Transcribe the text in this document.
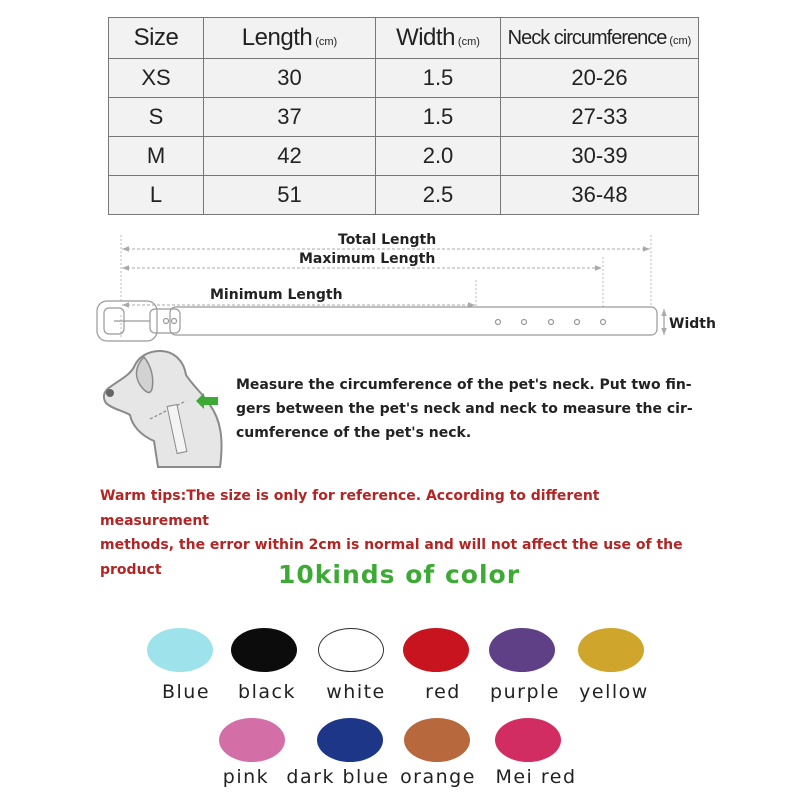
Size	Length (cm)	Width (cm)	Neck circumference (cm)
XS	30	1.5	20-26
S	37	1.5	27-33
M	42	2.0	30-39
L	51	2.5	36-48
Total Length
Maximum Length
Minimum Length
Width
Measure the circumference of the pet's neck. Put two fin-
gers between the pet's neck and neck to measure the cir-
cumference of the pet's neck.
Warm tips:The size is only for reference. According to different measurement
methods, the error within 2cm is normal and will not affect the use of the
product	10kinds of color
Blue black white red purple yellow
pink dark blue orange Mei red
